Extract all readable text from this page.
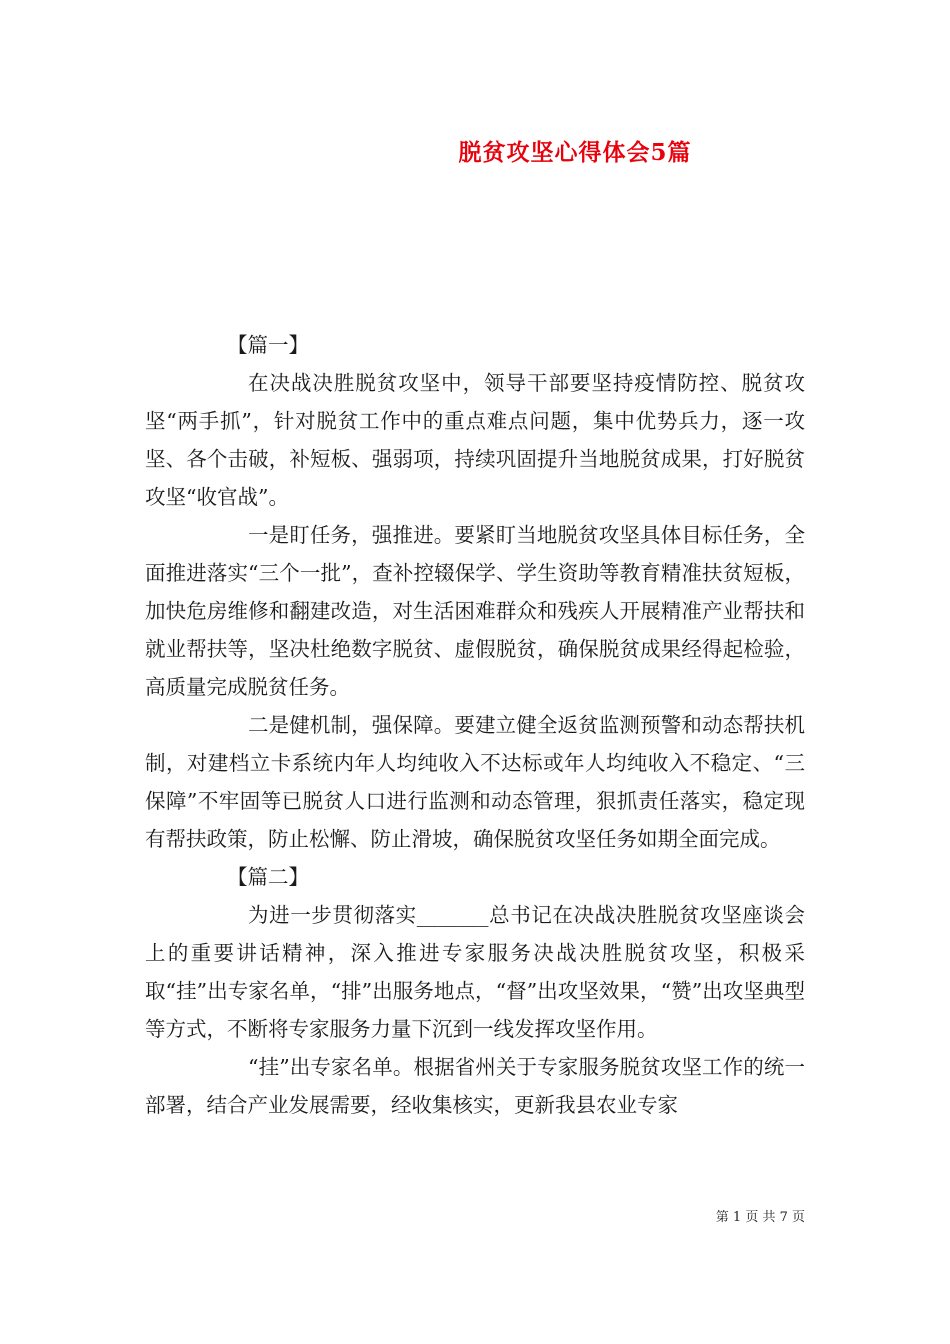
脱贫攻坚心得体会5篇

【篇一】

在决战决胜脱贫攻坚中，领导干部要坚持疫情防控、脱贫攻坚“两手抓”，针对脱贫工作中的重点难点问题，集中优势兵力，逐一攻坚、各个击破，补短板、强弱项，持续巩固提升当地脱贫成果，打好脱贫攻坚“收官战”。

一是盯任务，强推进。要紧盯当地脱贫攻坚具体目标任务，全面推进落实“三个一批”，查补控辍保学、学生资助等教育精准扶贫短板，加快危房维修和翻建改造，对生活困难群众和残疾人开展精准产业帮扶和就业帮扶等，坚决杜绝数字脱贫、虚假脱贫，确保脱贫成果经得起检验，高质量完成脱贫任务。

二是健机制，强保障。要建立健全返贫监测预警和动态帮扶机制，对建档立卡系统内年人均纯收入不达标或年人均纯收入不稳定、“三保障”不牢固等已脱贫人口进行监测和动态管理，狠抓责任落实，稳定现有帮扶政策，防止松懈、防止滑坡，确保脱贫攻坚任务如期全面完成。

【篇二】

为进一步贯彻落实_______总书记在决战决胜脱贫攻坚座谈会上的重要讲话精神，深入推进专家服务决战决胜脱贫攻坚，积极采取“挂”出专家名单，“排”出服务地点，“督”出攻坚效果，“赞”出攻坚典型等方式，不断将专家服务力量下沉到一线发挥攻坚作用。

“挂”出专家名单。根据省州关于专家服务脱贫攻坚工作的统一部署，结合产业发展需要，经收集核实，更新我县农业专家

第 1 页 共 7 页
